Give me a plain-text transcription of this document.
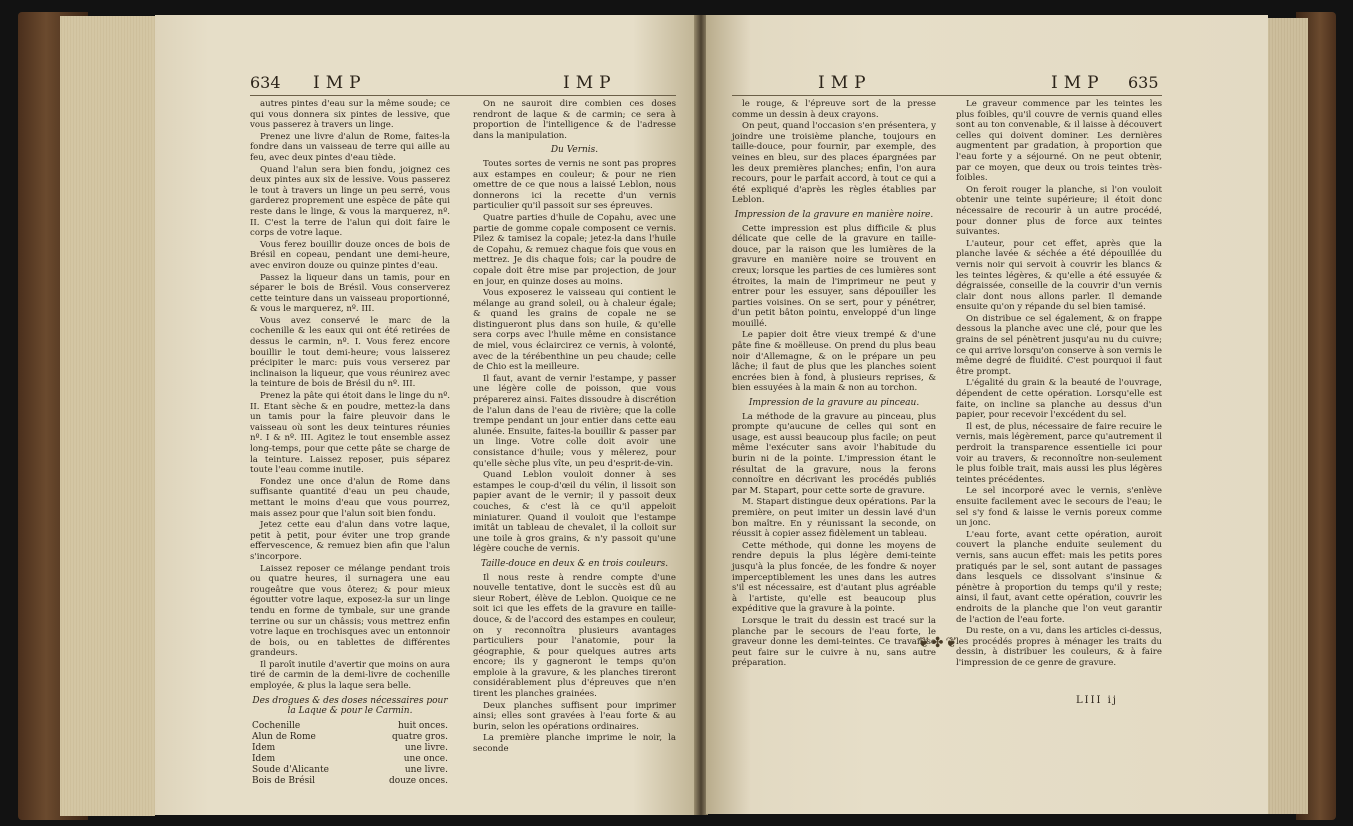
634 IMP	IMP

autres pintes d'eau sur la même soude; ce qui vous donnera six pintes de lessive, que vous passerez à travers un linge.

Prenez une livre d'alun de Rome, faites-la fondre dans un vaisseau de terre qui aille au feu, avec deux pintes d'eau tiède.

Quand l'alun sera bien fondu, joignez ces deux pintes aux six de lessive. Vous passerez le tout à travers un linge un peu serré, vous garderez proprement une espèce de pâte qui reste dans le linge, & vous la marquerez, nº. II. C'est la terre de l'alun qui doit faire le corps de votre laque.

Vous ferez bouillir douze onces de bois de Brésil en copeau, pendant une demi-heure, avec environ douze ou quinze pintes d'eau.

Passez la liqueur dans un tamis, pour en séparer le bois de Brésil. Vous conserverez cette teinture dans un vaisseau proportionné, & vous le marquerez, nº. III.

Vous avez conservé le marc de la cochenille & les eaux qui ont été retirées de dessus le carmin, nº. I. Vous ferez encore bouillir le tout demi-heure; vous laisserez précipiter le marc: puis vous verserez par inclinaison la liqueur, que vous réunirez avec la teinture de bois de Brésil du nº. III.

Prenez la pâte qui étoit dans le linge du nº. II. Etant sèche & en poudre, mettez-la dans un tamis pour la faire pleuvoir dans le vaisseau où sont les deux teintures réunies nº. I & nº. III. Agitez le tout ensemble assez long-temps, pour que cette pâte se charge de la teinture. Laissez reposer, puis séparez toute l'eau comme inutile.

Fondez une once d'alun de Rome dans suffisante quantité d'eau un peu chaude, mettant le moins d'eau que vous pourrez, mais assez pour que l'alun soit bien fondu.

Jetez cette eau d'alun dans votre laque, petit à petit, pour éviter une trop grande effervescence, & remuez bien afin que l'alun s'incorpore.

Laissez reposer ce mélange pendant trois ou quatre heures, il surnagera une eau rougeâtre que vous ôterez; & pour mieux égoutter votre laque, exposez-la sur un linge tendu en forme de tymbale, sur une grande terrine ou sur un châssis; vous mettrez enfin votre laque en trochisques avec un entonnoir de bois, ou en tablettes de différentes grandeurs.

Il paroît inutile d'avertir que moins on aura tiré de carmin de la demi-livre de cochenille employée, & plus la laque sera belle.

Des drogues & des doses nécessaires pour la Laque & pour le Carmin.
Cochenille	huit onces.
Alun de Rome	quatre gros.
Idem	une livre.
Idem	une once.
Soude d'Alicante	une livre.
Bois de Brésil	douze onces.

On ne sauroit dire combien ces doses rendront de laque & de carmin; ce sera à proportion de l'intelligence & de l'adresse dans la manipulation.

Du Vernis.

Toutes sortes de vernis ne sont pas propres aux estampes en couleur; & pour ne rien omettre de ce que nous a laissé Leblon, nous donnerons ici la recette d'un vernis particulier qu'il passoit sur ses épreuves.

Quatre parties d'huile de Copahu, avec une partie de gomme copale composent ce vernis. Pilez & tamisez la copale; jetez-la dans l'huile de Copahu, & remuez chaque fois que vous en mettrez. Je dis chaque fois; car la poudre de copale doit être mise par projection, de jour en jour, en quinze doses au moins.

Vous exposerez le vaisseau qui contient le mélange au grand soleil, ou à chaleur égale; & quand les grains de copale ne se distingueront plus dans son huile, & qu'elle sera corps avec l'huile même en consistance de miel, vous éclaircirez ce vernis, à volonté, avec de la térébenthine un peu chaude; celle de Chio est la meilleure.

Il faut, avant de vernir l'estampe, y passer une légère colle de poisson, que vous préparerez ainsi. Faites dissoudre à discrétion de l'alun dans de l'eau de rivière; que la colle trempe pendant un jour entier dans cette eau alunée. Ensuite, faites-la bouillir & passer par un linge. Votre colle doit avoir une consistance d'huile; vous y mêlerez, pour qu'elle sèche plus vîte, un peu d'esprit-de-vin.

Quand Leblon vouloit donner à ses estampes le coup-d'œil du vélin, il lissoit son papier avant de le vernir; il y passoit deux couches, & c'est là ce qu'il appeloit miniaturer. Quand il vouloit que l'estampe imitât un tableau de chevalet, il la colloit sur une toile à gros grains, & n'y passoit qu'une légère couche de vernis.

Taille-douce en deux & en trois couleurs.

Il nous reste à rendre compte d'une nouvelle tentative, dont le succès est dû au sieur Robert, élève de Leblon. Quoique ce ne soit ici que les effets de la gravure en taille-douce, & de l'accord des estampes en couleur, on y reconnoîtra plusieurs avantages particuliers pour l'anatomie, pour la géographie, & pour quelques autres arts encore; ils y gagneront le temps qu'on emploie à la gravure, & les planches tireront considérablement plus d'épreuves que n'en tirent les planches grainées.

Deux planches suffisent pour imprimer ainsi; elles sont gravées à l'eau forte & au burin, selon les opérations ordinaires.

La première planche imprime le noir, la seconde

IMP	IMP 635

le rouge, & l'épreuve sort de la presse comme un dessin à deux crayons.

On peut, quand l'occasion s'en présentera, y joindre une troisième planche, toujours en taille-douce, pour fournir, par exemple, des veines en bleu, sur des places épargnées par les deux premières planches; enfin, l'on aura recours, pour le parfait accord, à tout ce qui a été expliqué d'après les règles établies par Leblon.

Impression de la gravure en manière noire.

Cette impression est plus difficile & plus délicate que celle de la gravure en taille-douce, par la raison que les lumières de la gravure en manière noire se trouvent en creux; lorsque les parties de ces lumières sont étroites, la main de l'imprimeur ne peut y entrer pour les essuyer, sans dépouiller les parties voisines. On se sert, pour y pénétrer, d'un petit bâton pointu, enveloppé d'un linge mouillé.

Le papier doit être vieux trempé & d'une pâte fine & moëlleuse. On prend du plus beau noir d'Allemagne, & on le prépare un peu lâche; il faut de plus que les planches soient encrées bien à fond, à plusieurs reprises, & bien essuyées à la main & non au torchon.

Impression de la gravure au pinceau.

La méthode de la gravure au pinceau, plus prompte qu'aucune de celles qui sont en usage, est aussi beaucoup plus facile; on peut même l'exécuter sans avoir l'habitude du burin ni de la pointe. L'impression étant le résultat de la gravure, nous la ferons connoître en décrivant les procédés publiés par M. Stapart, pour cette sorte de gravure.

M. Stapart distingue deux opérations. Par la première, on peut imiter un dessin lavé d'un bon maître. En y réunissant la seconde, on réussit à copier assez fidèlement un tableau.

Cette méthode, qui donne les moyens de rendre depuis la plus légère demi-teinte jusqu'à la plus foncée, de les fondre & noyer imperceptiblement les unes dans les autres s'il est nécessaire, est d'autant plus agréable à l'artiste, qu'elle est beaucoup plus expéditive que la gravure à la pointe.

Lorsque le trait du dessin est tracé sur la planche par le secours de l'eau forte, le graveur donne les demi-teintes. Ce travail se peut faire sur le cuivre à nu, sans autre préparation.

Le graveur commence par les teintes les plus foibles, qu'il couvre de vernis quand elles sont au ton convenable, & il laisse à découvert celles qui doivent dominer. Les dernières augmentent par gradation, à proportion que l'eau forte y a séjourné. On ne peut obtenir, par ce moyen, que deux ou trois teintes très-foibles.

On feroit rouger la planche, si l'on vouloit obtenir une teinte supérieure; il étoit donc nécessaire de recourir à un autre procédé, pour donner plus de force aux teintes suivantes.

L'auteur, pour cet effet, après que la planche lavée & séchée a été dépouillée du vernis noir qui servoit à couvrir les blancs & les teintes légères, & qu'elle a été essuyée & dégraissée, conseille de la couvrir d'un vernis clair dont nous allons parler. Il demande ensuite qu'on y répande du sel bien tamisé.

On distribue ce sel également, & on frappe dessous la planche avec une clé, pour que les grains de sel pénètrent jusqu'au nu du cuivre; ce qui arrive lorsqu'on conserve à son vernis le même degré de fluidité. C'est pourquoi il faut être prompt.

L'égalité du grain & la beauté de l'ouvrage, dépendent de cette opération. Lorsqu'elle est faite, on incline sa planche au dessus d'un papier, pour recevoir l'excédent du sel.

Il est, de plus, nécessaire de faire recuire le vernis, mais légèrement, parce qu'autrement il perdroit la transparence essentielle ici pour voir au travers, & reconnoître non-seulement le plus foible trait, mais aussi les plus légères teintes précédentes.

Le sel incorporé avec le vernis, s'enlève ensuite facilement avec le secours de l'eau; le sel s'y fond & laisse le vernis poreux comme un jonc.

L'eau forte, avant cette opération, auroit couvert la planche enduite seulement du vernis, sans aucun effet: mais les petits pores pratiqués par le sel, sont autant de passages dans lesquels ce dissolvant s'insinue & pénètre à proportion du temps qu'il y reste; ainsi, il faut, avant cette opération, couvrir les endroits de la planche que l'on veut garantir de l'action de l'eau forte.

Du reste, on a vu, dans les articles ci-dessus, les procédés propres à ménager les traits du dessin, à distribuer les couleurs, & à faire l'impression de ce genre de gravure.

❦✤❦
LIII ij
